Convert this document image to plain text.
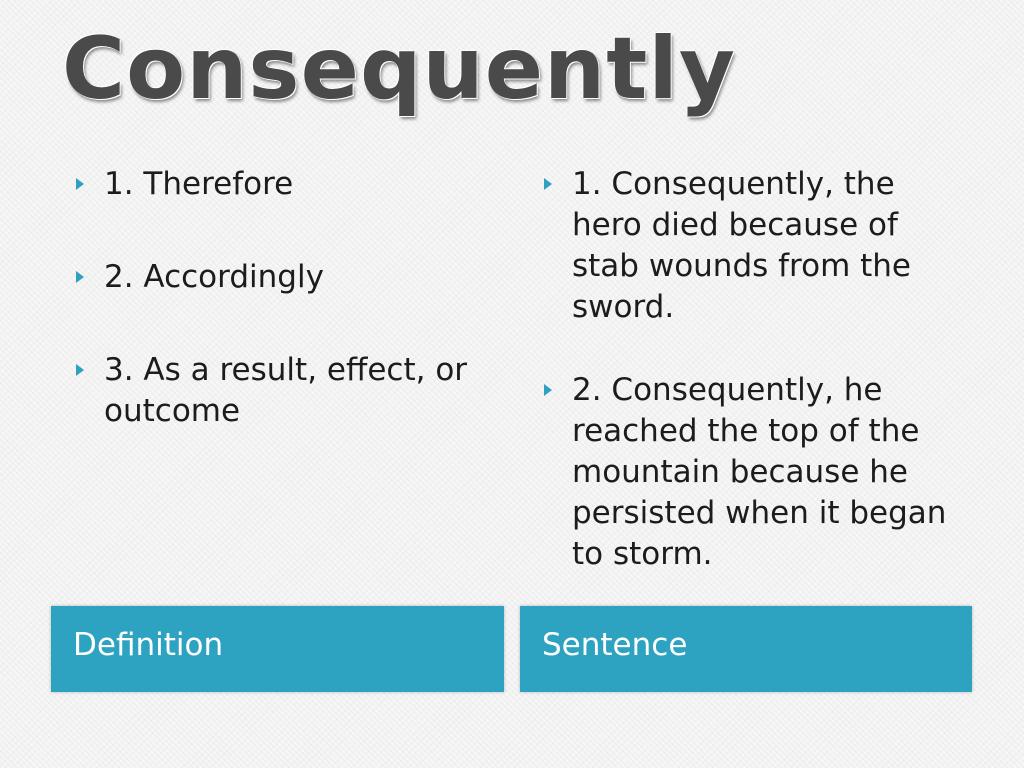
Consequently
1. Therefore
2. Accordingly
3. As a result, effect, or outcome
1. Consequently, the hero died because of stab wounds from the sword.
2. Consequently, he reached the top of the mountain because he persisted when it began to storm.
Definition	Sentence
